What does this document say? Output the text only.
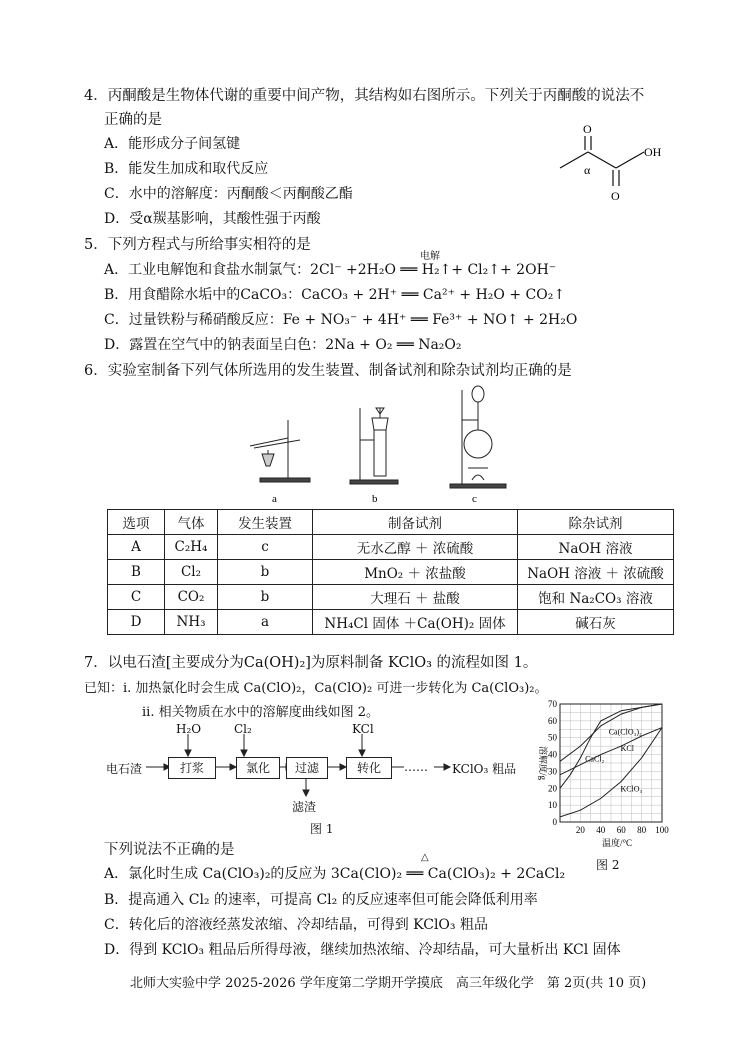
4．丙酮酸是生物体代谢的重要中间产物，其结构如右图所示。下列关于丙酮酸的说法不
正确的是
A．能形成分子间氢键
B．能发生加成和取代反应
C．水中的溶解度：丙酮酸＜丙酮酸乙酯
D．受α羰基影响，其酸性强于丙酸
O
OH
α
O
5．下列方程式与所给事实相符的是
A．工业电解饱和食盐水制氯气：2Cl⁻ +2H₂O ══ H₂↑+ Cl₂↑+ 2OH⁻
电解
B．用食醋除水垢中的CaCO₃：CaCO₃ + 2H⁺ ══ Ca²⁺ + H₂O + CO₂↑
C．过量铁粉与稀硝酸反应：Fe + NO₃⁻ + 4H⁺ ══ Fe³⁺ + NO↑ + 2H₂O
D．露置在空气中的钠表面呈白色：2Na + O₂ ══ Na₂O₂
6．实验室制备下列气体所选用的发生装置、制备试剂和除杂试剂均正确的是
a	b	c
选项	气体	发生装置	制备试剂	除杂试剂
A	C₂H₄	c	无水乙醇 ＋ 浓硫酸	NaOH 溶液
B	Cl₂	b	MnO₂ ＋ 浓盐酸	NaOH 溶液 ＋ 浓硫酸
C	CO₂	b	大理石 ＋ 盐酸	饱和 Na₂CO₃ 溶液
D	NH₃	a	NH₄Cl 固体 ＋Ca(OH)₂ 固体	碱石灰
7．以电石渣[主要成分为Ca(OH)₂]为原料制备 KClO₃ 的流程如图 1。
已知：i. 加热氯化时会生成 Ca(ClO)₂，Ca(ClO)₂ 可进一步转化为 Ca(ClO₃)₂。
ii. 相关物质在水中的溶解度曲线如图 2。
电石渣
H₂O	Cl₂	KCl
打浆	氯化	过滤	转化	…… KClO₃ 粗品
滤渣
图 1
70
60
50
40
30
20
10
0
20 40 60 80 100
温度/°C
溶解度/g
Ca(ClO₃)₂
CaCl₂
KCl
KClO₃
图 2
下列说法不正确的是
A．氯化时生成 Ca(ClO₃)₂的反应为 3Ca(ClO)₂ ══ Ca(ClO₃)₂ + 2CaCl₂
△
B．提高通入 Cl₂ 的速率，可提高 Cl₂ 的反应速率但可能会降低利用率
C．转化后的溶液经蒸发浓缩、冷却结晶，可得到 KClO₃ 粗品
D．得到 KClO₃ 粗品后所得母液，继续加热浓缩、冷却结晶，可大量析出 KCl 固体
北师大实验中学 2025-2026 学年度第二学期开学摸底　高三年级化学　第 2页(共 10 页)
